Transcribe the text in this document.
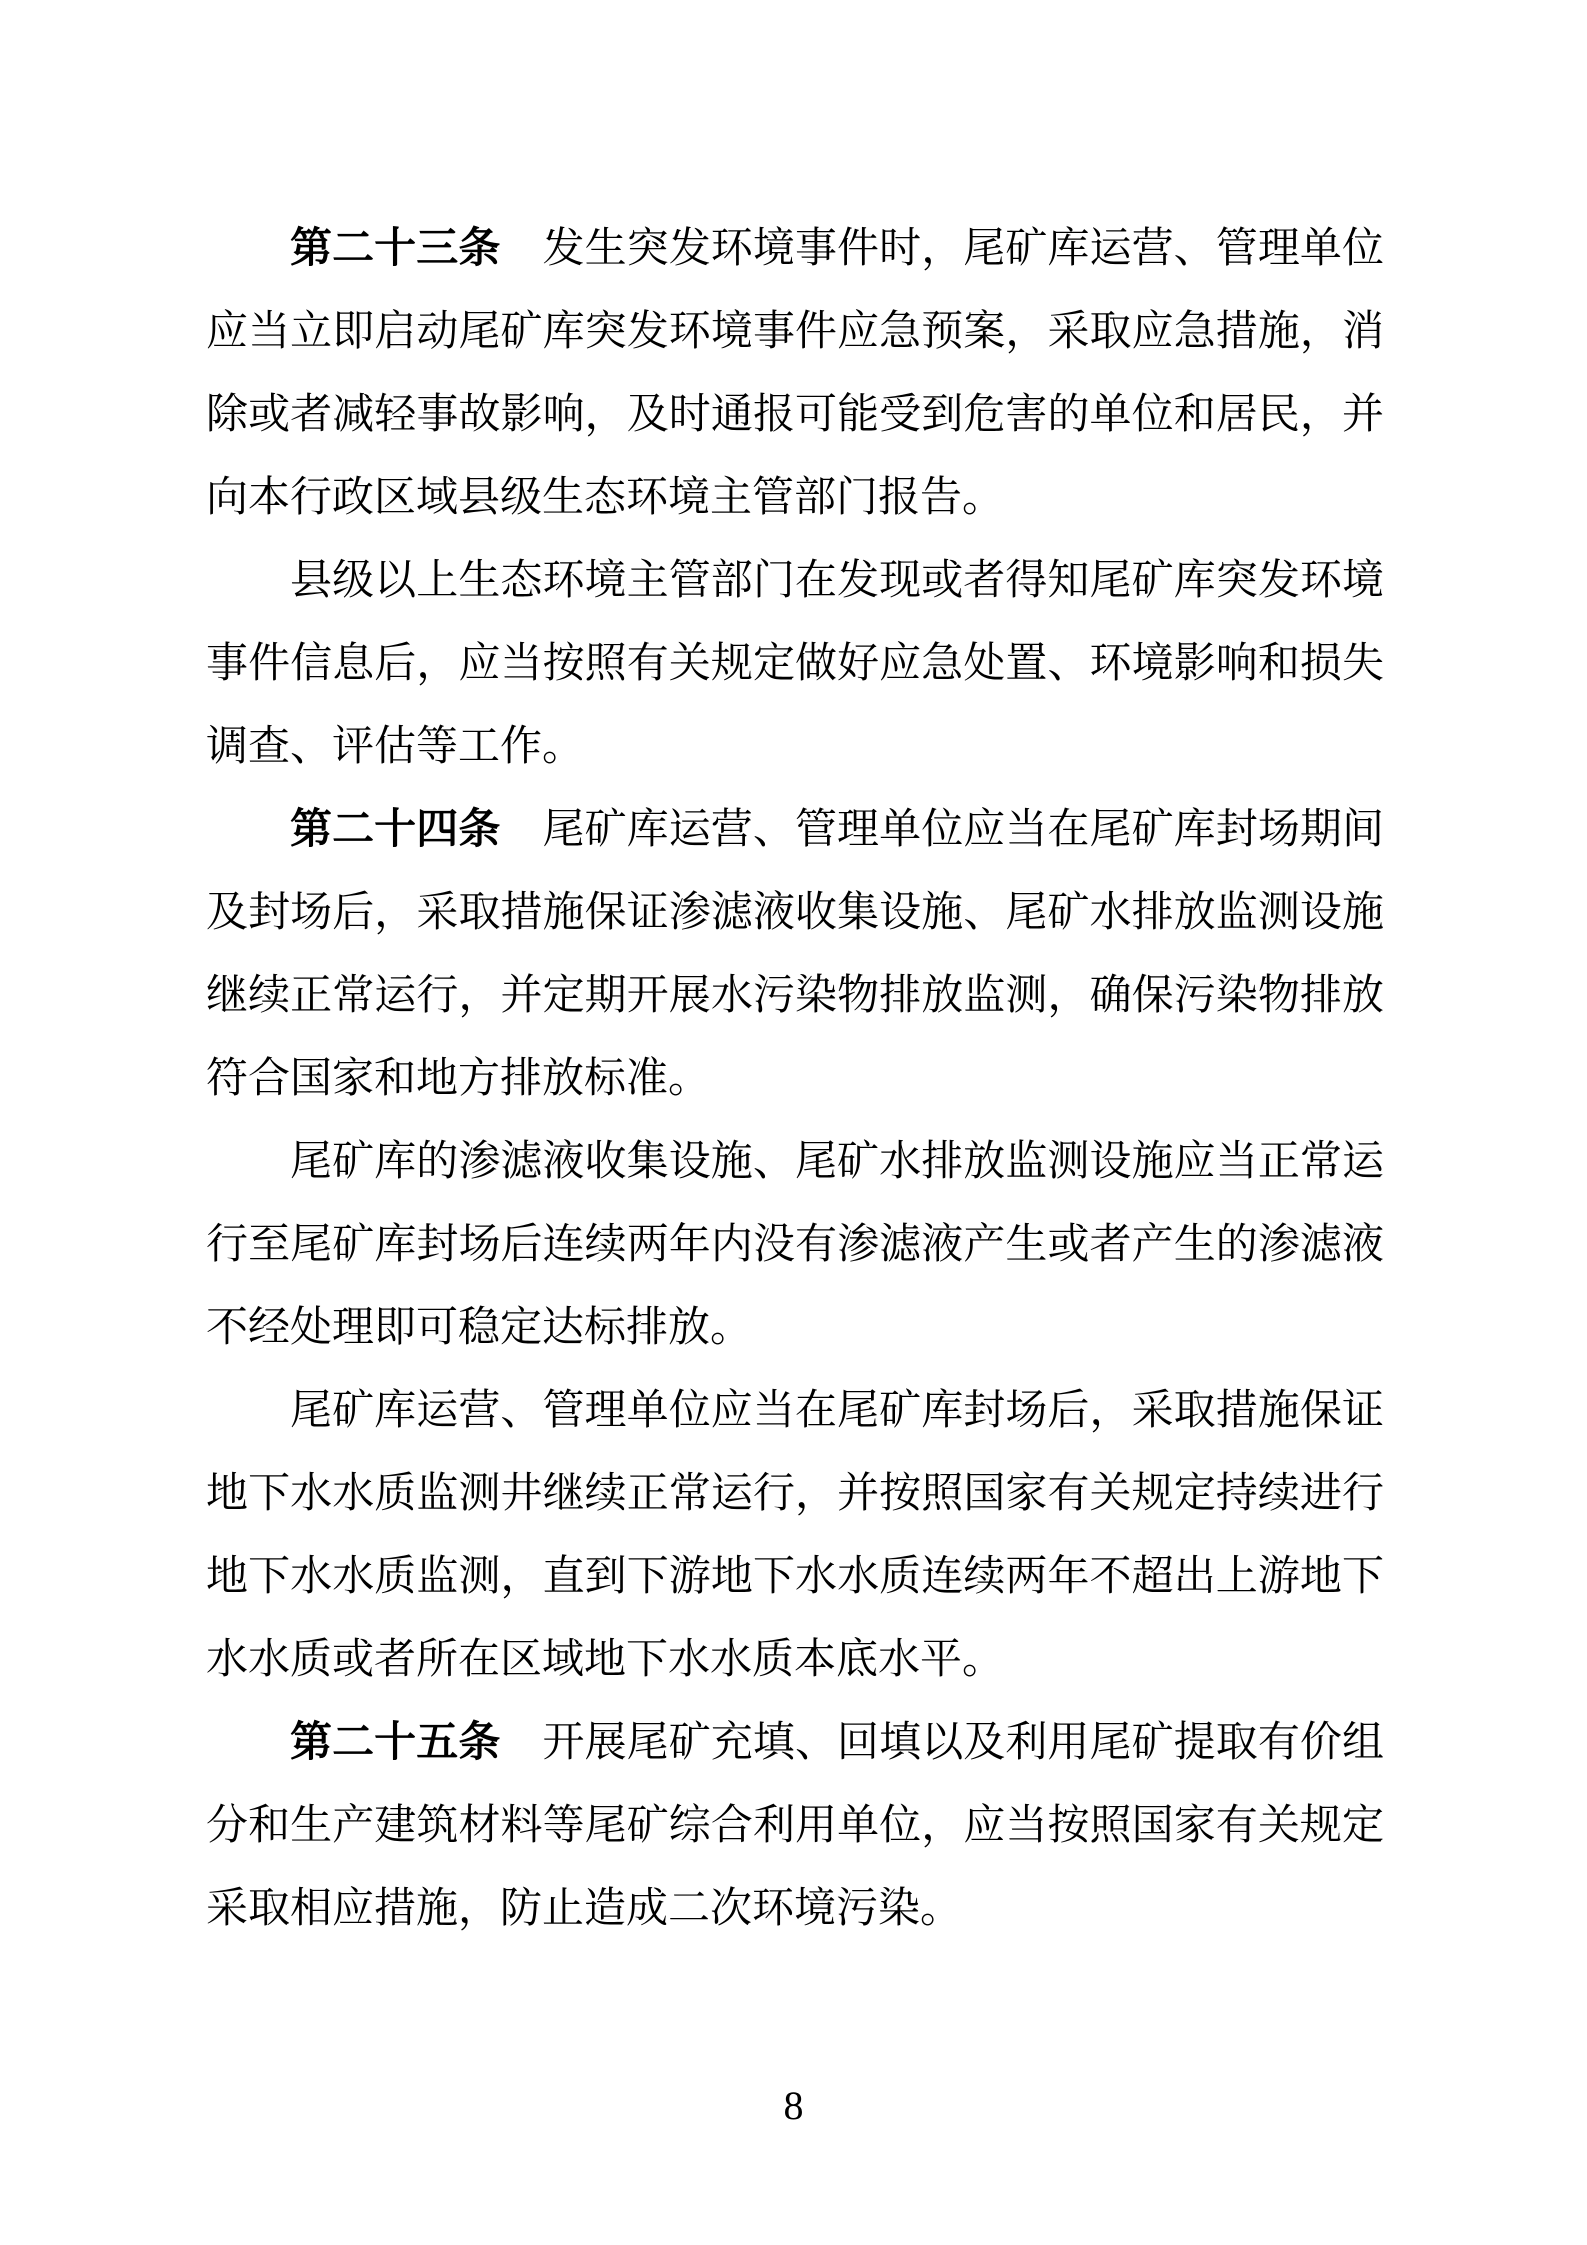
第二十三条　发生突发环境事件时，尾矿库运营、管理单位应当立即启动尾矿库突发环境事件应急预案，采取应急措施，消除或者减轻事故影响，及时通报可能受到危害的单位和居民，并向本行政区域县级生态环境主管部门报告。

县级以上生态环境主管部门在发现或者得知尾矿库突发环境事件信息后，应当按照有关规定做好应急处置、环境影响和损失调查、评估等工作。

第二十四条　尾矿库运营、管理单位应当在尾矿库封场期间及封场后，采取措施保证渗滤液收集设施、尾矿水排放监测设施继续正常运行，并定期开展水污染物排放监测，确保污染物排放符合国家和地方排放标准。

尾矿库的渗滤液收集设施、尾矿水排放监测设施应当正常运行至尾矿库封场后连续两年内没有渗滤液产生或者产生的渗滤液不经处理即可稳定达标排放。

尾矿库运营、管理单位应当在尾矿库封场后，采取措施保证地下水水质监测井继续正常运行，并按照国家有关规定持续进行地下水水质监测，直到下游地下水水质连续两年不超出上游地下水水质或者所在区域地下水水质本底水平。

第二十五条　开展尾矿充填、回填以及利用尾矿提取有价组分和生产建筑材料等尾矿综合利用单位，应当按照国家有关规定采取相应措施，防止造成二次环境污染。

8
